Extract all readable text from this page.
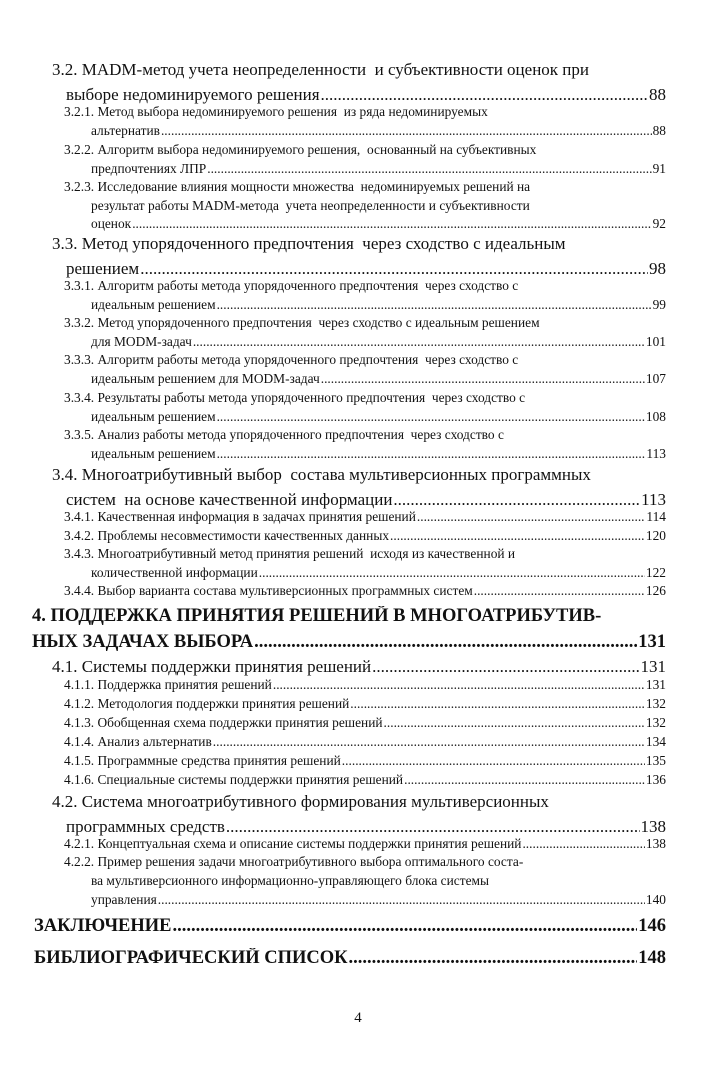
3.2. MADM-метод учета неопределенности  и субъективности оценок при
выборе недоминируемого решения .....	88
3.2.1. Метод выбора недоминируемого решения  из ряда недоминируемых
альтернатив .....	88
3.2.2. Алгоритм выбора недоминируемого решения,  основанный на субъективных
предпочтениях ЛПР .....	91
3.2.3. Исследование влияния мощности множества  недоминируемых решений на
результат работы MADM-метода  учета неопределенности и субъективности
оценок .....	92
3.3. Метод упорядоченного предпочтения  через сходство с идеальным
решением .....	98
3.3.1. Алгоритм работы метода упорядоченного предпочтения  через сходство с
идеальным решением .....	99
3.3.2. Метод упорядоченного предпочтения  через сходство с идеальным решением
для MODM-задач .....	101
3.3.3. Алгоритм работы метода упорядоченного предпочтения  через сходство с
идеальным решением для MODM-задач .....	107
3.3.4. Результаты работы метода упорядоченного предпочтения  через сходство с
идеальным решением .....	108
3.3.5. Анализ работы метода упорядоченного предпочтения  через сходство с
идеальным решением .....	113
3.4. Многоатрибутивный выбор  состава мультиверсионных программных
систем  на основе качественной информации .....	113
3.4.1. Качественная информация в задачах принятия решений .....	114
3.4.2. Проблемы несовместимости качественных данных .....	120
3.4.3. Многоатрибутивный метод принятия решений  исходя из качественной и
количественной информации .....	122
3.4.4. Выбор варианта состава мультиверсионных программных систем .....	126
4. ПОДДЕРЖКА ПРИНЯТИЯ РЕШЕНИЙ В МНОГОАТРИБУТИВ-
НЫХ ЗАДАЧАХ ВЫБОРА .....	131
4.1. Системы поддержки принятия решений .....	131
4.1.1. Поддержка принятия решений .....	131
4.1.2. Методология поддержки принятия решений .....	132
4.1.3. Обобщенная схема поддержки принятия решений .....	132
4.1.4. Анализ альтернатив .....	134
4.1.5. Программные средства принятия решений .....	135
4.1.6. Специальные системы поддержки принятия решений .....	136
4.2. Система многоатрибутивного формирования мультиверсионных
программных средств .....	138
4.2.1. Концептуальная схема и описание системы поддержки принятия решений .....	138
4.2.2. Пример решения задачи многоатрибутивного выбора оптимального соста-
ва мультиверсионного информационно-управляющего блока системы
управления .....	140
ЗАКЛЮЧЕНИЕ .....	146
БИБЛИОГРАФИЧЕСКИЙ СПИСОК .....	148
4
